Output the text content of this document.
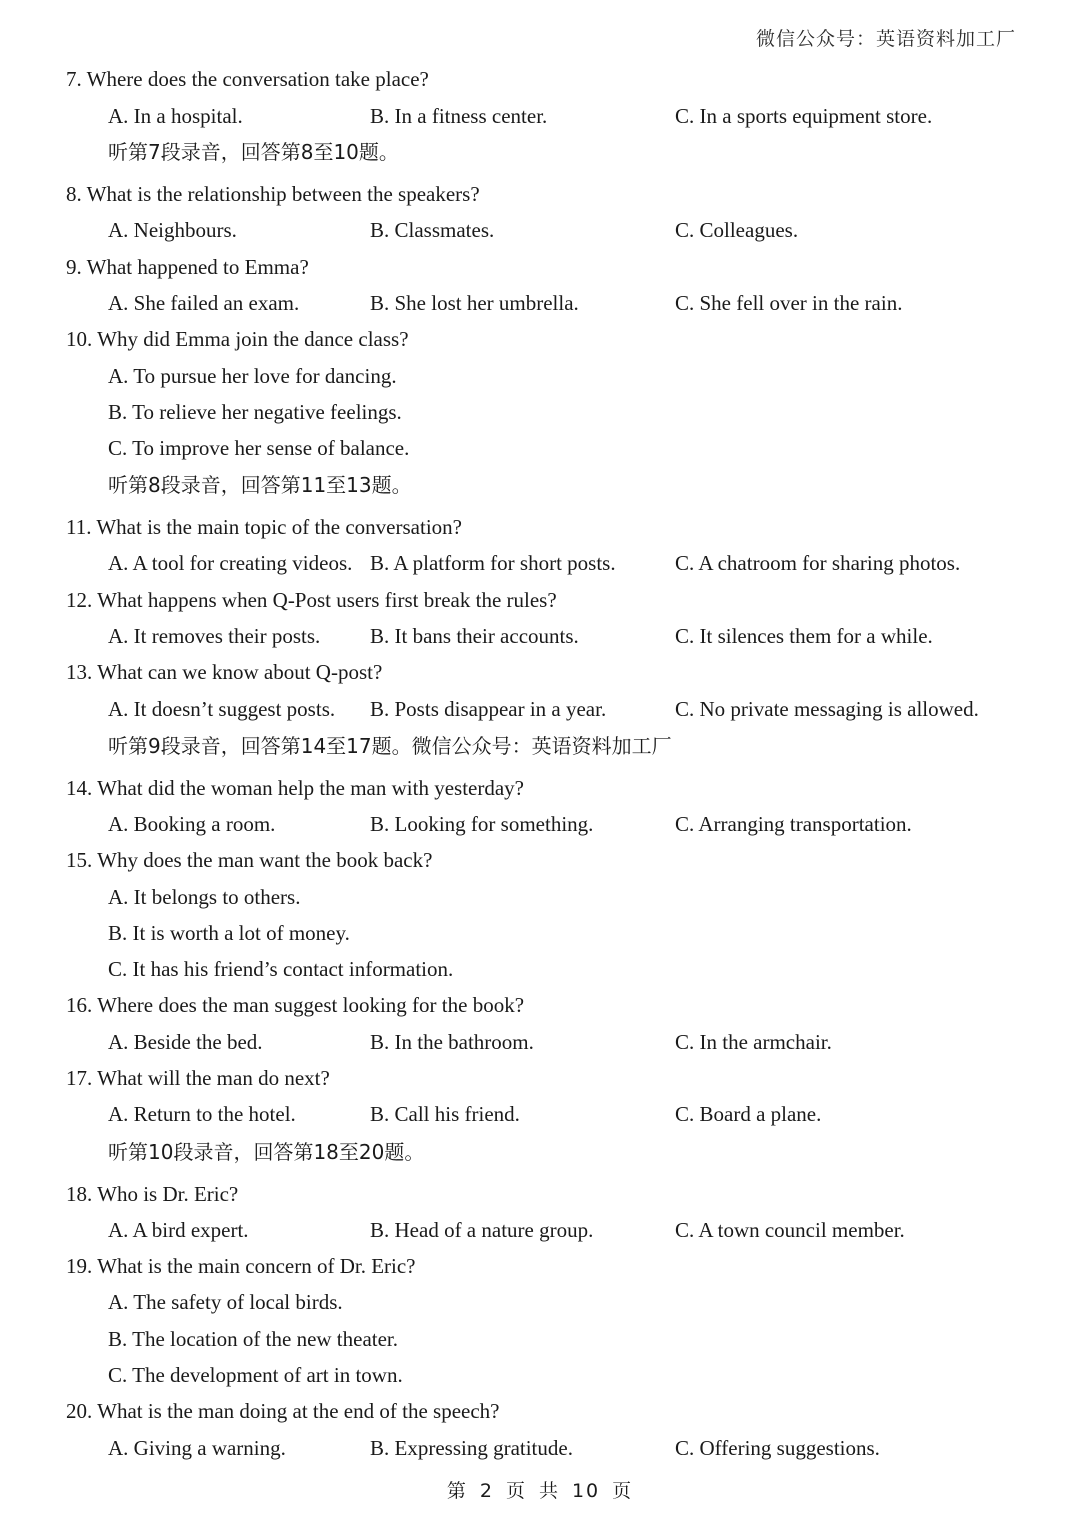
微信公众号：英语资料加工厂
7. Where does the conversation take place?
A. In a hospital.	B. In a fitness center.	C. In a sports equipment store.
听第7段录音，回答第8至10题。
8. What is the relationship between the speakers?
A. Neighbours.	B. Classmates.	C. Colleagues.
9. What happened to Emma?
A. She failed an exam.	B. She lost her umbrella.	C. She fell over in the rain.
10. Why did Emma join the dance class?
A. To pursue her love for dancing.
B. To relieve her negative feelings.
C. To improve her sense of balance.
听第8段录音，回答第11至13题。
11. What is the main topic of the conversation?
A. A tool for creating videos. B. A platform for short posts.	C. A chatroom for sharing photos.
12. What happens when Q-Post users first break the rules?
A. It removes their posts. B. It bans their accounts.	C. It silences them for a while.
13. What can we know about Q-post?
A. It doesn’t suggest posts. B. Posts disappear in a year.	C. No private messaging is allowed.
听第9段录音，回答第14至17题。微信公众号：英语资料加工厂
14. What did the woman help the man with yesterday?
A. Booking a room.	B. Looking for something.	C. Arranging transportation.
15. Why does the man want the book back?
A. It belongs to others.
B. It is worth a lot of money.
C. It has his friend’s contact information.
16. Where does the man suggest looking for the book?
A. Beside the bed.	B. In the bathroom.	C. In the armchair.
17. What will the man do next?
A. Return to the hotel.	B. Call his friend.	C. Board a plane.
听第10段录音，回答第18至20题。
18. Who is Dr. Eric?
A. A bird expert.	B. Head of a nature group.	C. A town council member.
19. What is the main concern of Dr. Eric?
A. The safety of local birds.
B. The location of the new theater.
C. The development of art in town.
20. What is the man doing at the end of the speech?
A. Giving a warning.	B. Expressing gratitude.	C. Offering suggestions.
第 2 页 共 10 页
